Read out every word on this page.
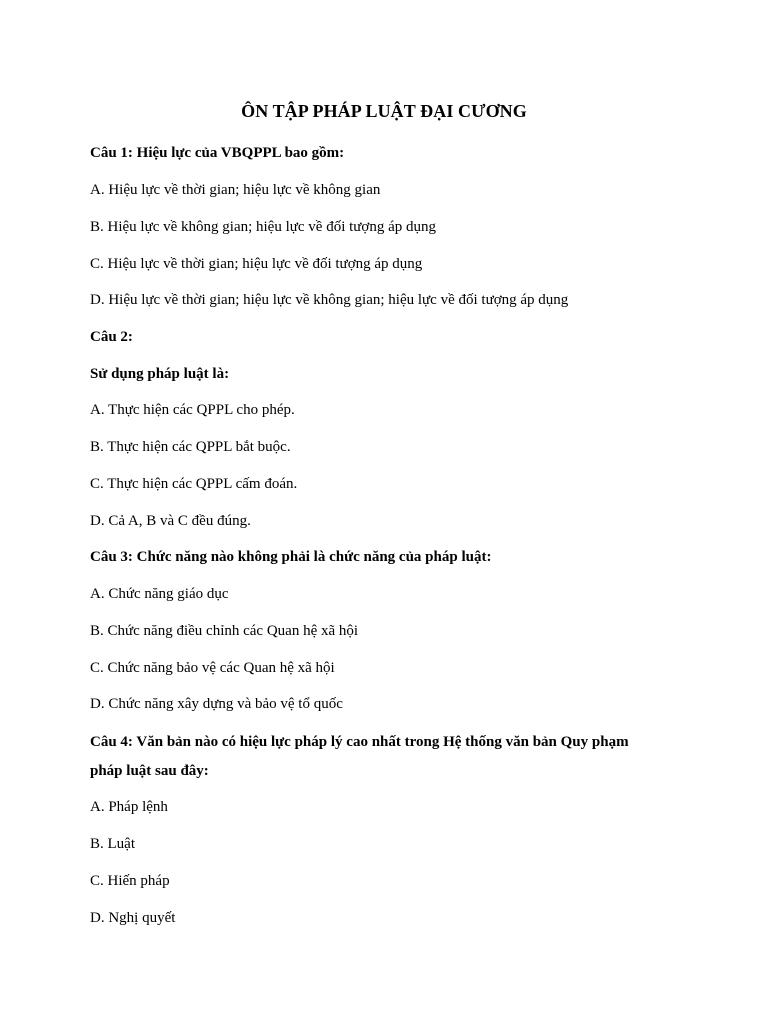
ÔN TẬP PHÁP LUẬT ĐẠI CƯƠNG
Câu 1: Hiệu lực của VBQPPL bao gồm:
A. Hiệu lực về thời gian; hiệu lực về không gian
B. Hiệu lực về không gian; hiệu lực về đối tượng áp dụng
C. Hiệu lực về thời gian; hiệu lực về đối tượng áp dụng
D. Hiệu lực về thời gian; hiệu lực về không gian; hiệu lực về đối tượng áp dụng
Câu 2:
Sử dụng pháp luật là:
A. Thực hiện các QPPL cho phép.
B. Thực hiện các QPPL bắt buộc.
C. Thực hiện các QPPL cấm đoán.
D. Cả A, B và C đều đúng.
Câu 3: Chức năng nào không phải là chức năng của pháp luật:
A. Chức năng giáo dục
B. Chức năng điều chỉnh các Quan hệ xã hội
C. Chức năng bảo vệ các Quan hệ xã hội
D. Chức năng xây dựng và bảo vệ tổ quốc
Câu 4: Văn bản nào có hiệu lực pháp lý cao nhất trong Hệ thống văn bản Quy phạm
pháp luật sau đây:
A. Pháp lệnh
B. Luật
C. Hiến pháp
D. Nghị quyết
